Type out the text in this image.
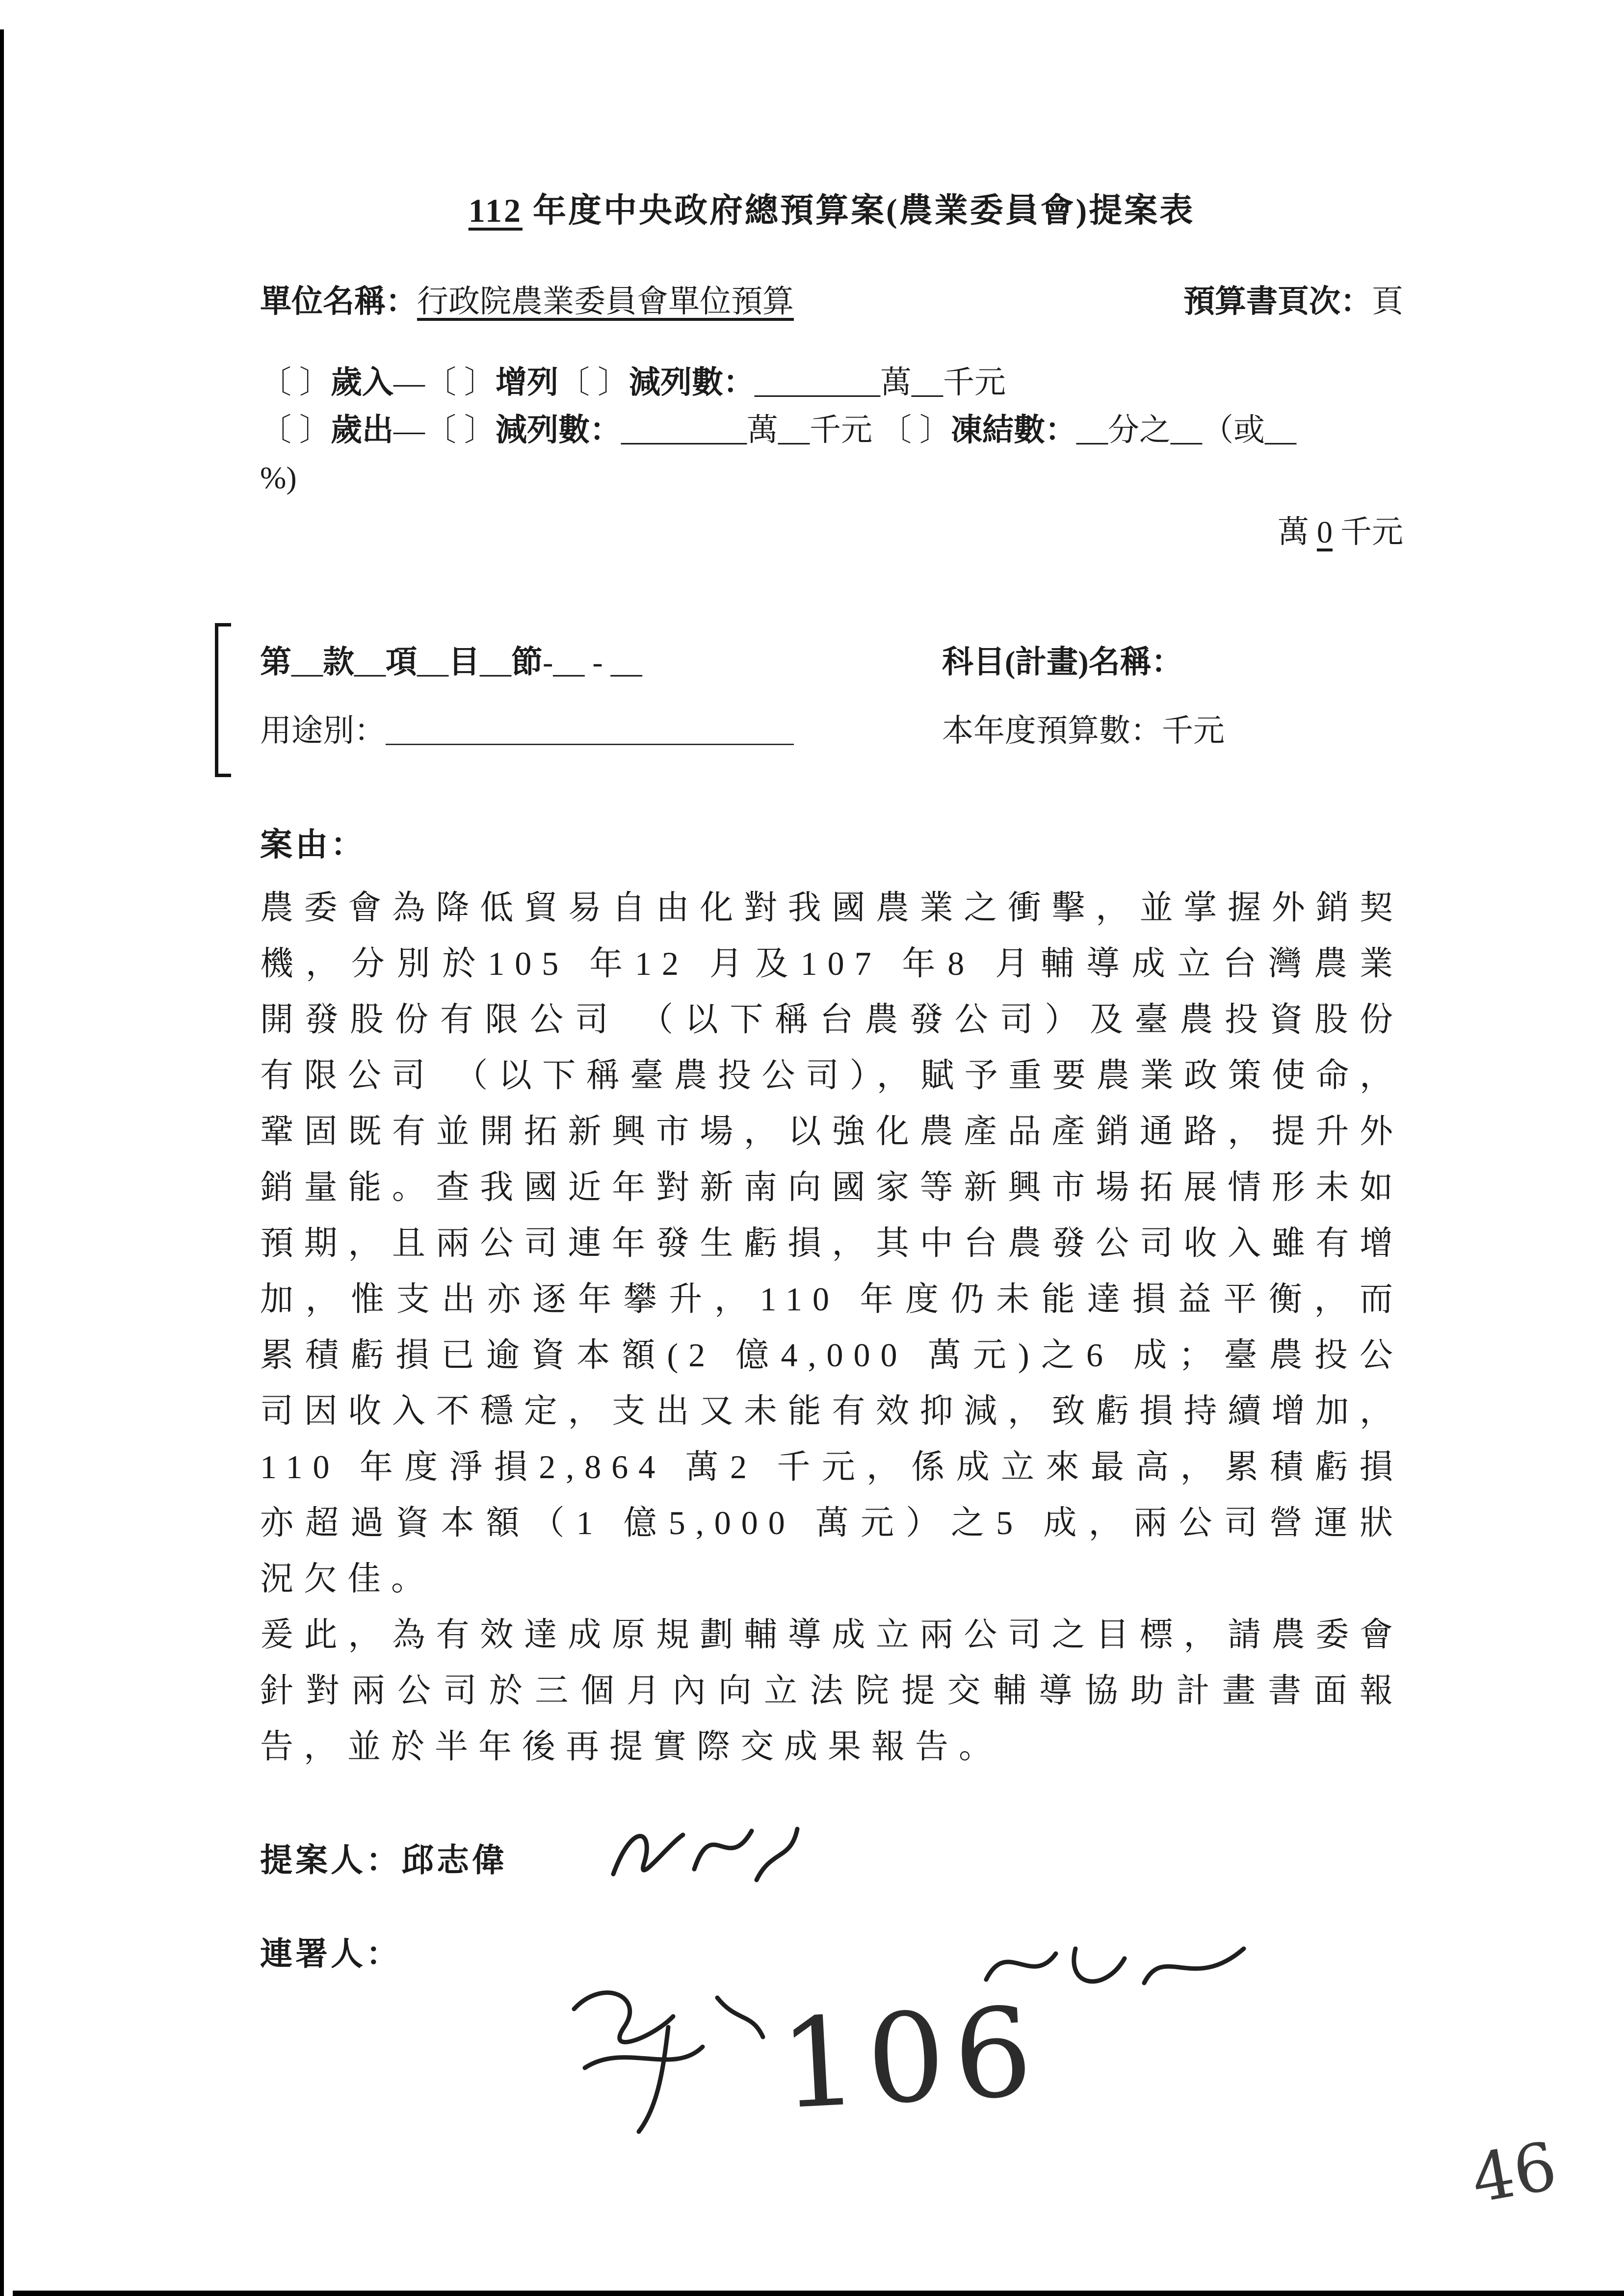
112 年度中央政府總預算案(農業委員會)提案表
單位名稱：行政院農業委員會單位預算	預算書頁次：頁
〔 〕歲入—〔 〕增列〔 〕減列數：________萬__千元
〔 〕歲出—〔 〕減列數：________萬__千元 〔 〕凍結數：__分之__（或__
%)
萬 0 千元
第__款__項__目__節-__ - __	科目(計畫)名稱：
用途別：＿＿＿＿＿＿＿＿＿＿＿＿＿	本年度預算數：千元
案由：

農委會為降低貿易自由化對我國農業之衝擊，並掌握外銷契機，分別於105 年12 月及107 年8 月輔導成立台灣農業開發股份有限公司 （以下稱台農發公司）及臺農投資股份有限公司 （以下稱臺農投公司），賦予重要農業政策使命，鞏固既有並開拓新興市場，以強化農產品產銷通路，提升外銷量能。查我國近年對新南向國家等新興市場拓展情形未如預期，且兩公司連年發生虧損，其中台農發公司收入雖有增加，惟支出亦逐年攀升，110 年度仍未能達損益平衡，而累積虧損已逾資本額(2 億4,000 萬元)之6 成；臺農投公司因收入不穩定，支出又未能有效抑減，致虧損持續增加，110 年度淨損2,864 萬2 千元，係成立來最高，累積虧損亦超過資本額（1 億5,000 萬元）之5 成，兩公司營運狀況欠佳。

爰此，為有效達成原規劃輔導成立兩公司之目標，請農委會針對兩公司於三個月內向立法院提交輔導協助計畫書面報告，並於半年後再提實際交成果報告。

提案人：邱志偉
連署人：
106
46
